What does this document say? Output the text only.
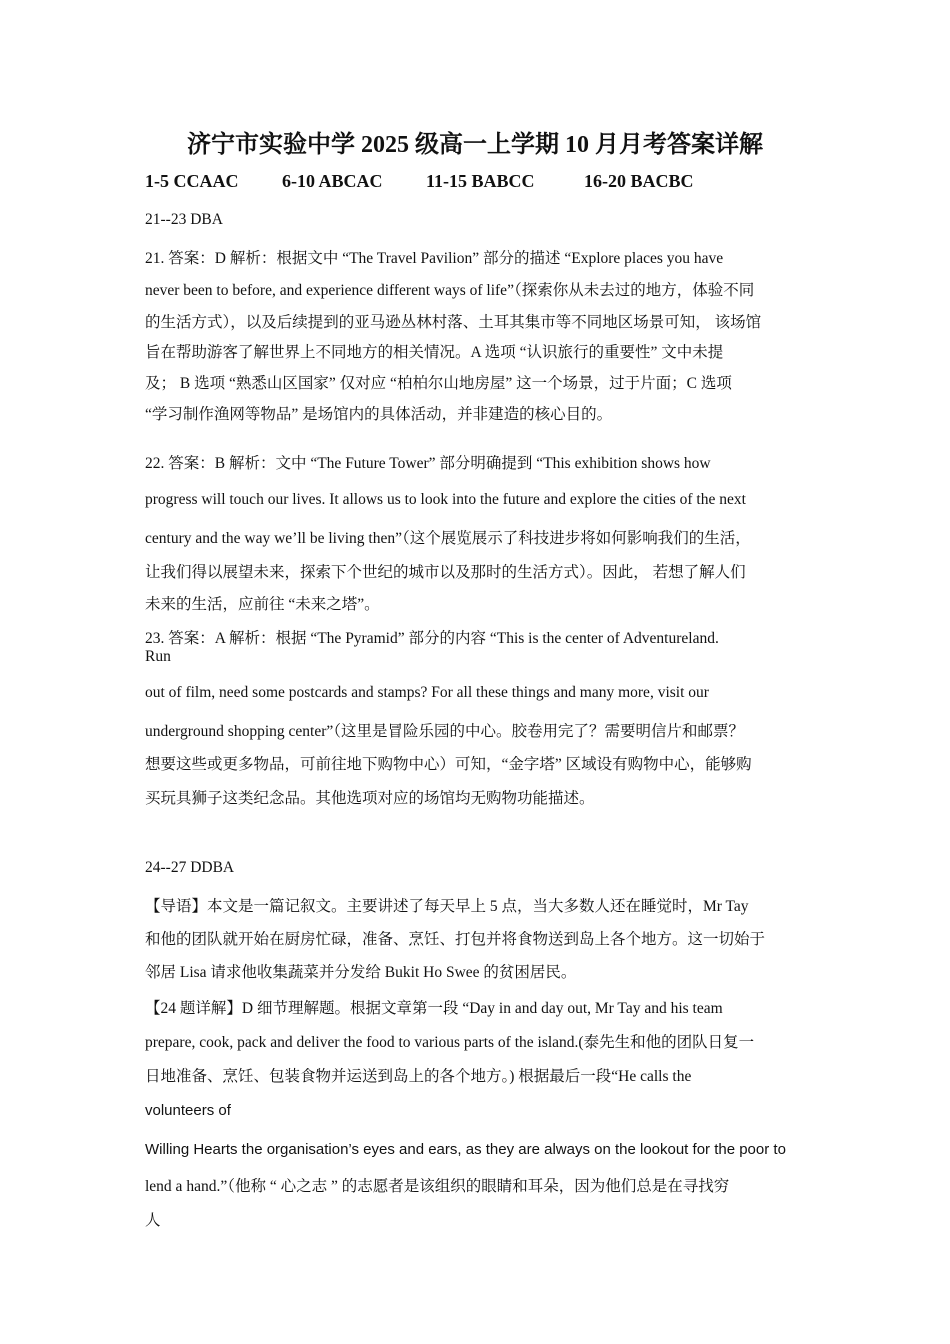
济宁市实验中学 2025 级高一上学期 10 月月考答案详解
1-5 CCAAC 6-10 ABCAC 11-15 BABCC	16-20 BACBC
21--23 DBA
21. 答案：D 解析：根据文中 “The Travel Pavilion” 部分的描述 “Explore places you have
never been to before, and experience different ways of life”（探索你从未去过的地方，体验不同
的生活方式），以及后续提到的亚马逊丛林村落、土耳其集市等不同地区场景可知， 该场馆
旨在帮助游客了解世界上不同地方的相关情况。A 选项 “认识旅行的重要性” 文中未提
及； B 选项 “熟悉山区国家” 仅对应 “柏柏尔山地房屋” 这一个场景，过于片面；C 选项
“学习制作渔网等物品” 是场馆内的具体活动，并非建造的核心目的。
22. 答案：B 解析：文中 “The Future Tower” 部分明确提到 “This exhibition shows how
progress will touch our lives. It allows us to look into the future and explore the cities of the next
century and the way we’ll be living then”（这个展览展示了科技进步将如何影响我们的生活，
让我们得以展望未来，探索下个世纪的城市以及那时的生活方式）。因此， 若想了解人们
未来的生活，应前往 “未来之塔”。
23. 答案：A 解析：根据 “The Pyramid” 部分的内容 “This is the center of Adventureland.
Run
out of film, need some postcards and stamps? For all these things and many more, visit our
underground shopping center”（这里是冒险乐园的中心。胶卷用完了？需要明信片和邮票？
想要这些或更多物品，可前往地下购物中心）可知，“金字塔” 区域设有购物中心，能够购
买玩具狮子这类纪念品。其他选项对应的场馆均无购物功能描述。
24--27 DDBA
【导语】本文是一篇记叙文。主要讲述了每天早上 5 点，当大多数人还在睡觉时，Mr Tay
和他的团队就开始在厨房忙碌，准备、烹饪、打包并将食物送到岛上各个地方。这一切始于
邻居 Lisa 请求他收集蔬菜并分发给 Bukit Ho Swee 的贫困居民。
【24 题详解】D 细节理解题。根据文章第一段 “Day in and day out, Mr Tay and his team
prepare, cook, pack and deliver the food to various parts of the island.(泰先生和他的团队日复一
日地准备、烹饪、包装食物并运送到岛上的各个地方。) 根据最后一段“He calls the
volunteers of
Willing Hearts the organisation’s eyes and ears, as they are always on the lookout for the poor to
lend a hand.”（他称 “ 心之志 ” 的志愿者是该组织的眼睛和耳朵，因为他们总是在寻找穷
人
